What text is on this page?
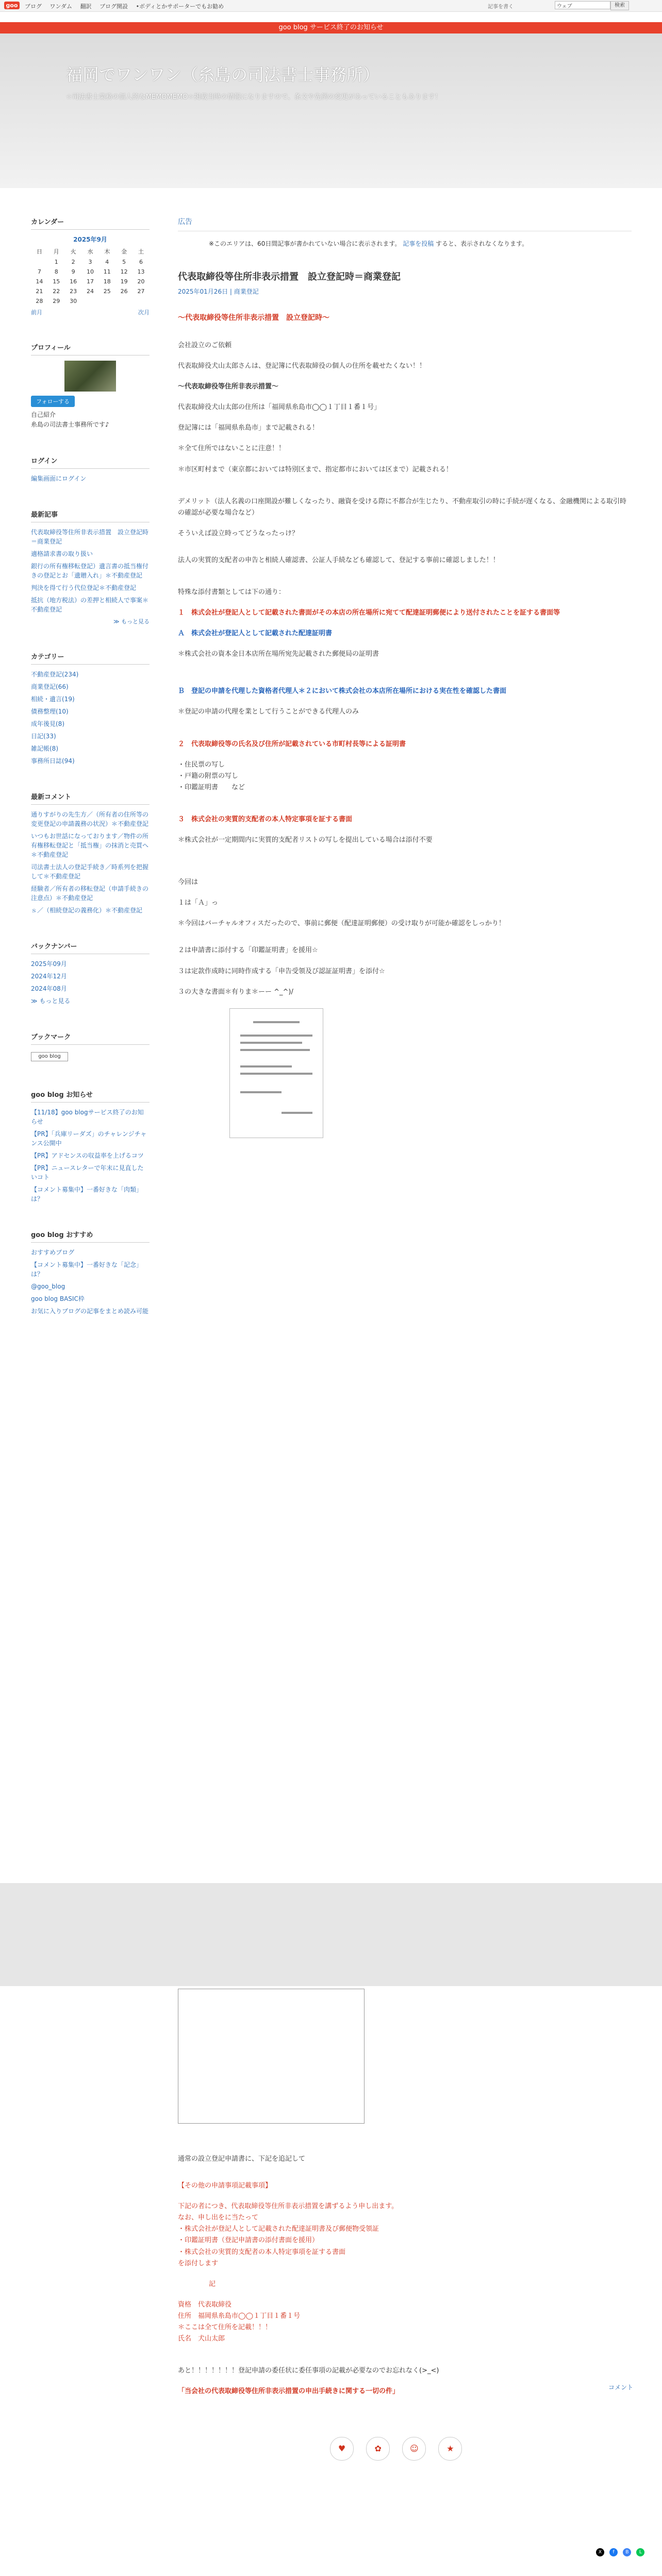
goo	ブログ ワンダム 翻訳 ブログ開設 •ボディとかサポーターでもお勧め	記事を書く	ウェブ	検索
goo blog サービス終了のお知らせ
福岡でワンワン（糸島の司法書士事務所）
☆司法書士業務の個人的なMEMOMEMO☆掲載当時の情報になりますので、条文や先例の変更があっていることもあります！
カレンダー
2025年9月
日	月	火	水	木	金	土
	1	2	3	4	5	6
7	8	9	10	11	12	13
14	15	16	17	18	19	20
21	22	23	24	25	26	27
28	29	30				
前月	次月
プロフィール
フォローする
自己紹介
糸島の司法書士事務所です♪
ログイン
編集画面にログイン
最新記事
代表取締役等住所非表示措置　設立登記時＝商業登記
適格請求書の取り扱い
銀行の所有権移転登記）遺言書の抵当権付きの登記とお「遺贈入れ」＊不動産登記
判決を得て行う代位登記＊不動産登記
抵抗（地方税法）の差押と相続人で事案＊不動産登記
≫ もっと見る
カテゴリー
不動産登記(234)
商業登記(66)
相続・遺言(19)
債務整理(10)
成年後見(8)
日記(33)
雑記帳(8)
事務所日誌(94)
最新コメント
通りすがりの先生方／（所有者の住所等の変更登記の申請義務の状況）＊不動産登記
いつもお世話になっております／物件の所有権移転登記と「抵当権」の抹消と売買へ＊不動産登記
司法書士法人の登記手続き／時系列を把握して＊不動産登記
経験者／所有者の移転登記（申請手続きの注意点）＊不動産登記
ｓ／（相続登記の義務化）＊不動産登記
バックナンバー
2025年09月
2024年12月
2024年08月
≫ もっと見る
ブックマーク
goo blog
goo blog お知らせ
【11/18】goo blogサービス終了のお知らせ
【PR】「兵庫リーダズ」のチャレンジチャンス公開中
【PR】アドセンスの収益率を上げるコツ
【PR】ニュースレターで年末に見直したいコト
【コメント募集中】一番好きな「肉類」は？
goo blog おすすめ
おすすめブログ
【コメント募集中】一番好きな「記念」は？
@goo_blog
goo blog BASIC枠
お気に入りブログの記事をまとめ読み可能
広告
※このエリアは、60日間記事が書かれていない場合に表示されます。 記事を投稿 すると、表示されなくなります。
代表取締役等住所非表示措置　設立登記時＝商業登記
2025年01月26日 | 商業登記
〜代表取締役等住所非表示措置　設立登記時〜
会社設立のご依頼
代表取締役犬山太郎さんは、登記簿に代表取締役の個人の住所を載せたくない！！
〜代表取締役等住所非表示措置〜
代表取締役犬山太郎の住所は「福岡県糸島市◯◯１丁目１番１号」
登記簿には「福岡県糸島市」まで記載される！
＊全て住所ではないことに注意！！
＊市区町村まで（東京都においては特別区まで、指定都市においては区まで）記載される！
デメリット（法人名義の口座開設が難しくなったり、融資を受ける際に不都合が生じたり、不動産取引の時に手続が遅くなる、金融機関による取引時の確認が必要な場合など）
そういえば設立時ってどうなったっけ？
法人の実質的支配者の申告と相続人確認書、公証人手続なども確認して、登記する事前に確認しました！！
特殊な添付書類としては下の通り：
１　株式会社が登記人として記載された書面がその本店の所在場所に宛てて配達証明郵便により送付されたことを証する書面等
Ａ　株式会社が登記人として記載された配達証明書
＊株式会社の資本金日本店所在場所宛先記載された郵便局の証明書
Ｂ　登記の申請を代理した資格者代理人＊２において株式会社の本店所在場所における実在性を確認した書面
＊登記の申請の代理を業として行うことができる代理人のみ
２　代表取締役等の氏名及び住所が記載されている市町村長等による証明書
・住民票の写し
・戸籍の附票の写し
・印鑑証明書　　など
３　株式会社の実質的支配者の本人特定事項を証する書面
＊株式会社が一定期間内に実質的支配者リストの写しを提出している場合は添付不要
今回は
１は「Ａ」っ
＊今回はバーチャルオフィスだったので、事前に郵便（配達証明郵便）の受け取りが可能か確認をしっかり！
２は申請書に添付する「印鑑証明書」を援用☆
３は定款作成時に同時作成する「申告受領及び認証証明書」を添付☆
３の大きな書面＊有りま＊ーー ^_^)/
通常の設立登記申請書に、下記を追記して
【その他の申請事項記載事項】
下記の者につき、代表取締役等住所非表示措置を講ずるよう申し出ます。
なお、申し出をに当たって
・株式会社が登記人として記載された配達証明書及び郵便物受領証
・印鑑証明書（登記申請書の添付書面を援用）
・株式会社の実質的支配者の本人特定事項を証する書面
を添付します
記
資格　代表取締役
住所　福岡県糸島市◯◯１丁目１番１号
＊ここは全て住所を記載！！！
氏名　犬山太郎
あと！！！！！！！登記申請の委任状に委任事項の記載が必要なのでお忘れなく(>_<)
「当会社の代表取締役等住所非表示措置の申出手続きに関する一切の件」
コメント
♥	✿	☺	★
X f B L
